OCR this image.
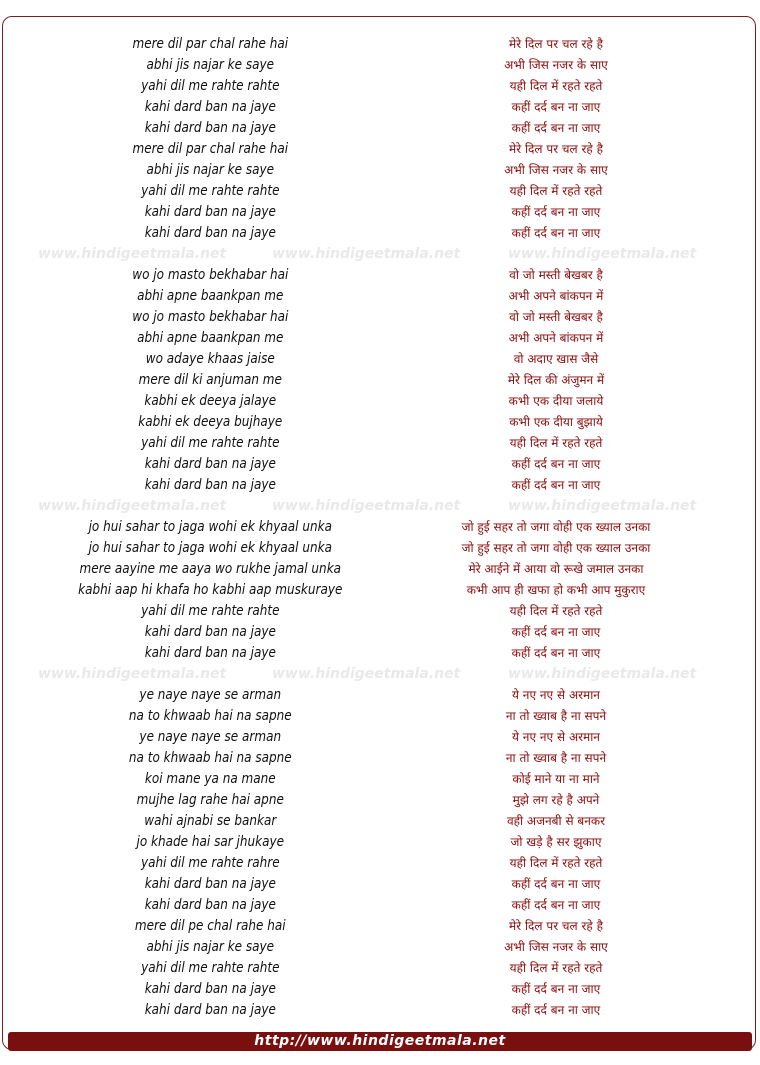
mere dil par chal rahe hai	मेरे दिल पर चल रहे है
abhi jis najar ke saye	अभी जिस नजर के साए
yahi dil me rahte rahte	यही दिल में रहते रहते
kahi dard ban na jaye	कहीं दर्द बन ना जाए
kahi dard ban na jaye	कहीं दर्द बन ना जाए
mere dil par chal rahe hai	मेरे दिल पर चल रहे है
abhi jis najar ke saye	अभी जिस नजर के साए
yahi dil me rahte rahte	यही दिल में रहते रहते
kahi dard ban na jaye	कहीं दर्द बन ना जाए
kahi dard ban na jaye	कहीं दर्द बन ना जाए
www.hindigeetmala.net	www.hindigeetmala.net	www.hindigeetmala.net
wo jo masto bekhabar hai	वो जो मस्ती बेखबर है
abhi apne baankpan me	अभी अपने बांकपन में
wo jo masto bekhabar hai	वो जो मस्ती बेखबर है
abhi apne baankpan me	अभी अपने बांकपन में
wo adaye khaas jaise	वो अदाए खास जैसे
mere dil ki anjuman me	मेरे दिल की अंजुमन में
kabhi ek deeya jalaye	कभी एक दीया जलाये
kabhi ek deeya bujhaye	कभी एक दीया बुझाये
yahi dil me rahte rahte	यही दिल में रहते रहते
kahi dard ban na jaye	कहीं दर्द बन ना जाए
kahi dard ban na jaye	कहीं दर्द बन ना जाए
www.hindigeetmala.net	www.hindigeetmala.net	www.hindigeetmala.net
jo hui sahar to jaga wohi ek khyaal unka	जो हुई सहर तो जगा वोही एक ख्याल उनका
jo hui sahar to jaga wohi ek khyaal unka	जो हुई सहर तो जगा वोही एक ख्याल उनका
mere aayine me aaya wo rukhe jamal unka	मेरे आईने में आया वो रूखे जमाल उनका
kabhi aap hi khafa ho kabhi aap muskuraye	कभी आप ही खफा हो कभी आप मुकुराए
yahi dil me rahte rahte	यही दिल में रहते रहते
kahi dard ban na jaye	कहीं दर्द बन ना जाए
kahi dard ban na jaye	कहीं दर्द बन ना जाए
www.hindigeetmala.net	www.hindigeetmala.net	www.hindigeetmala.net
ye naye naye se arman	ये नए नए से अरमान
na to khwaab hai na sapne	ना तो ख्वाब है ना सपने
ye naye naye se arman	ये नए नए से अरमान
na to khwaab hai na sapne	ना तो ख्वाब है ना सपने
koi mane ya na mane	कोई माने या ना माने
mujhe lag rahe hai apne	मुझे लग रहे है अपने
wahi ajnabi se bankar	वही अजनबी से बनकर
jo khade hai sar jhukaye	जो खड़े है सर झुकाए
yahi dil me rahte rahre	यही दिल में रहते रहते
kahi dard ban na jaye	कहीं दर्द बन ना जाए
kahi dard ban na jaye	कहीं दर्द बन ना जाए
mere dil pe chal rahe hai	मेरे दिल पर चल रहे है
abhi jis najar ke saye	अभी जिस नजर के साए
yahi dil me rahte rahte	यही दिल में रहते रहते
kahi dard ban na jaye	कहीं दर्द बन ना जाए
kahi dard ban na jaye	कहीं दर्द बन ना जाए
http://www.hindigeetmala.net
